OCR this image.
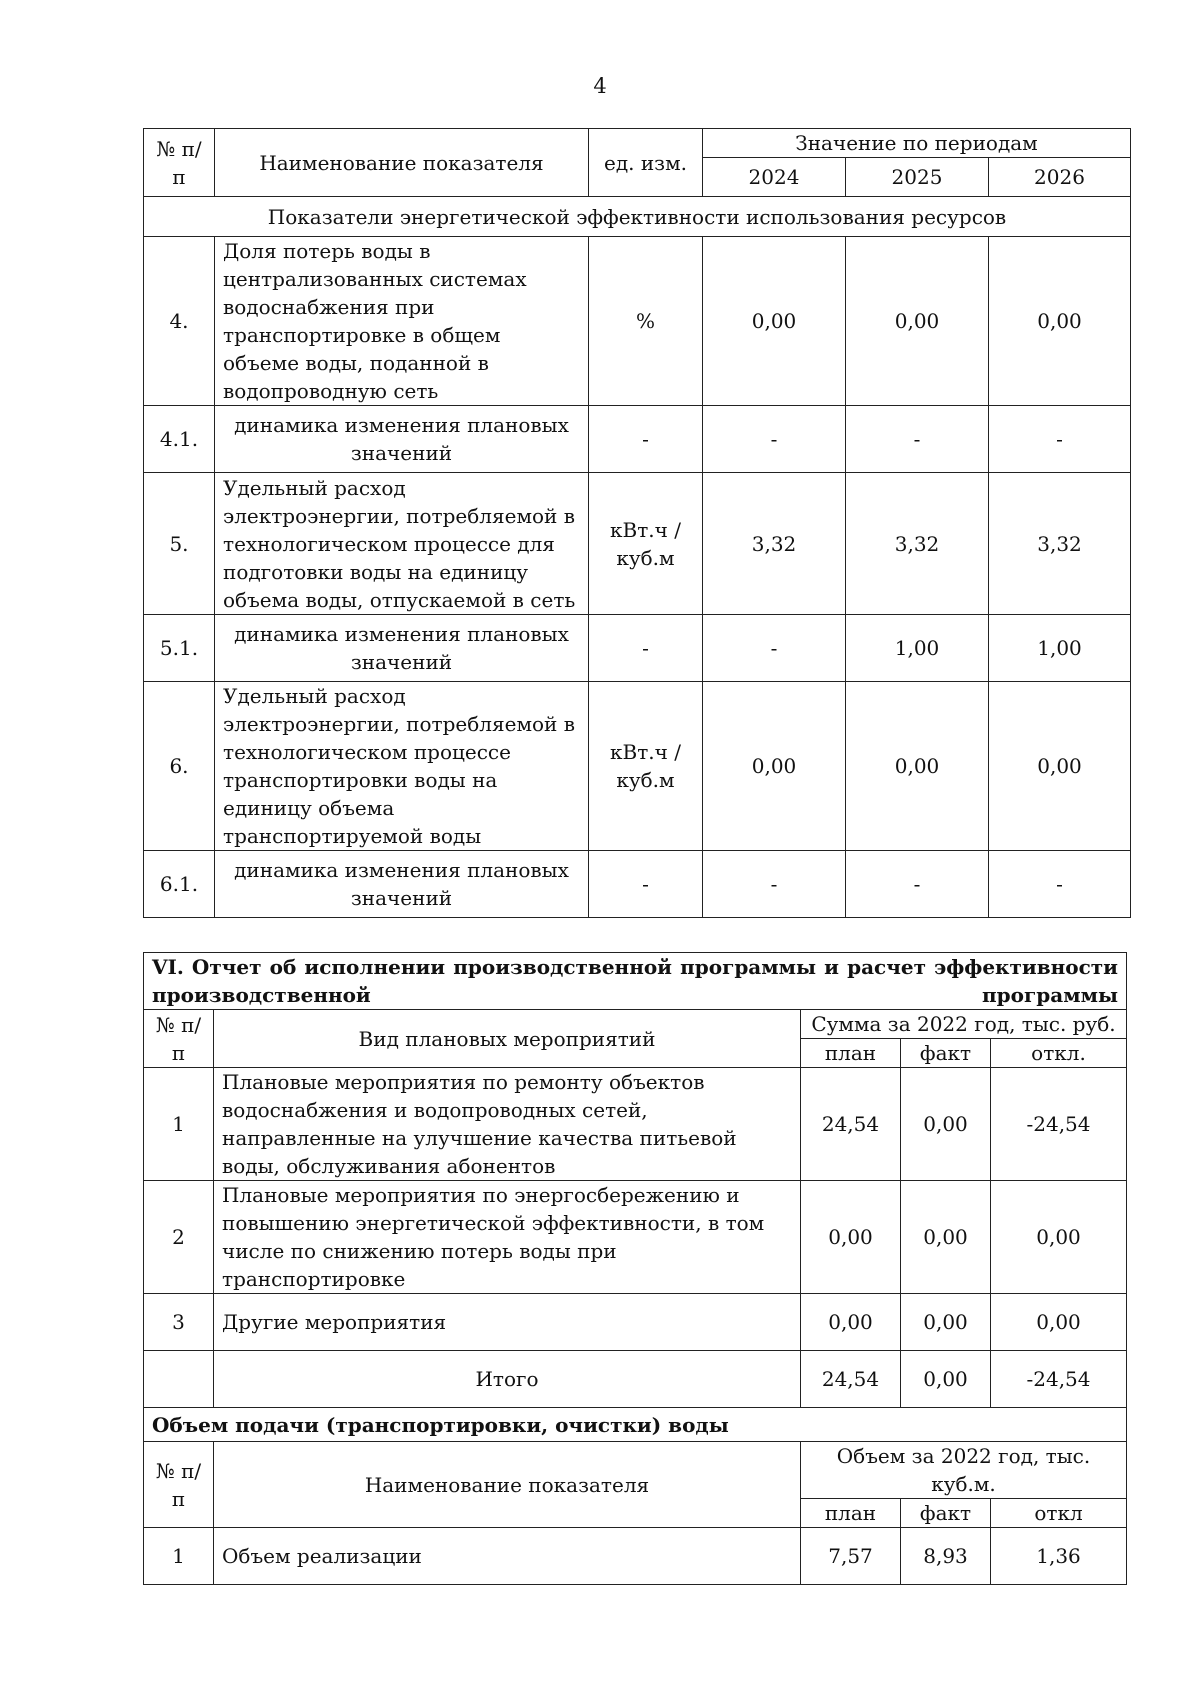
4
№ п/п	Наименование показателя	ед. изм.	Значение по периодам		
			2024	2025	2026
Показатели энергетической эффективности использования ресурсов					
4.	Доля потерь воды в централизованных системах водоснабжения при транспортировке в общем объеме воды, поданной в водопроводную сеть	%	0,00	0,00	0,00
4.1.	динамика изменения плановых значений	-	-	-	-
5.	Удельный расход электроэнергии, потребляемой в технологическом процессе для подготовки воды на единицу объема воды, отпускаемой в сеть	кВт.ч / куб.м	3,32	3,32	3,32
5.1.	динамика изменения плановых значений	-	-	1,00	1,00
6.	Удельный расход электроэнергии, потребляемой в технологическом процессе транспортировки воды на единицу объема транспортируемой воды	кВт.ч / куб.м	0,00	0,00	0,00
6.1.	динамика изменения плановых значений	-	-	-	-
VI. Отчет об исполнении производственной программы и расчет эффективности производственной программы				
№ п/п	Вид плановых мероприятий	Сумма за 2022 год, тыс. руб.		
		план	факт	откл.
1	Плановые мероприятия по ремонту объектов водоснабжения и водопроводных сетей, направленные на улучшение качества питьевой воды, обслуживания абонентов	24,54	0,00	-24,54
2	Плановые мероприятия по энергосбережению и повышению энергетической эффективности, в том числе по снижению потерь воды при транспортировке	0,00	0,00	0,00
3	Другие мероприятия	0,00	0,00	0,00
	Итого	24,54	0,00	-24,54
Объем подачи (транспортировки, очистки) воды				
№ п/п	Наименование показателя	Объем за 2022 год, тыс. куб.м.		
		план	факт	откл
1	Объем реализации	7,57	8,93	1,36
